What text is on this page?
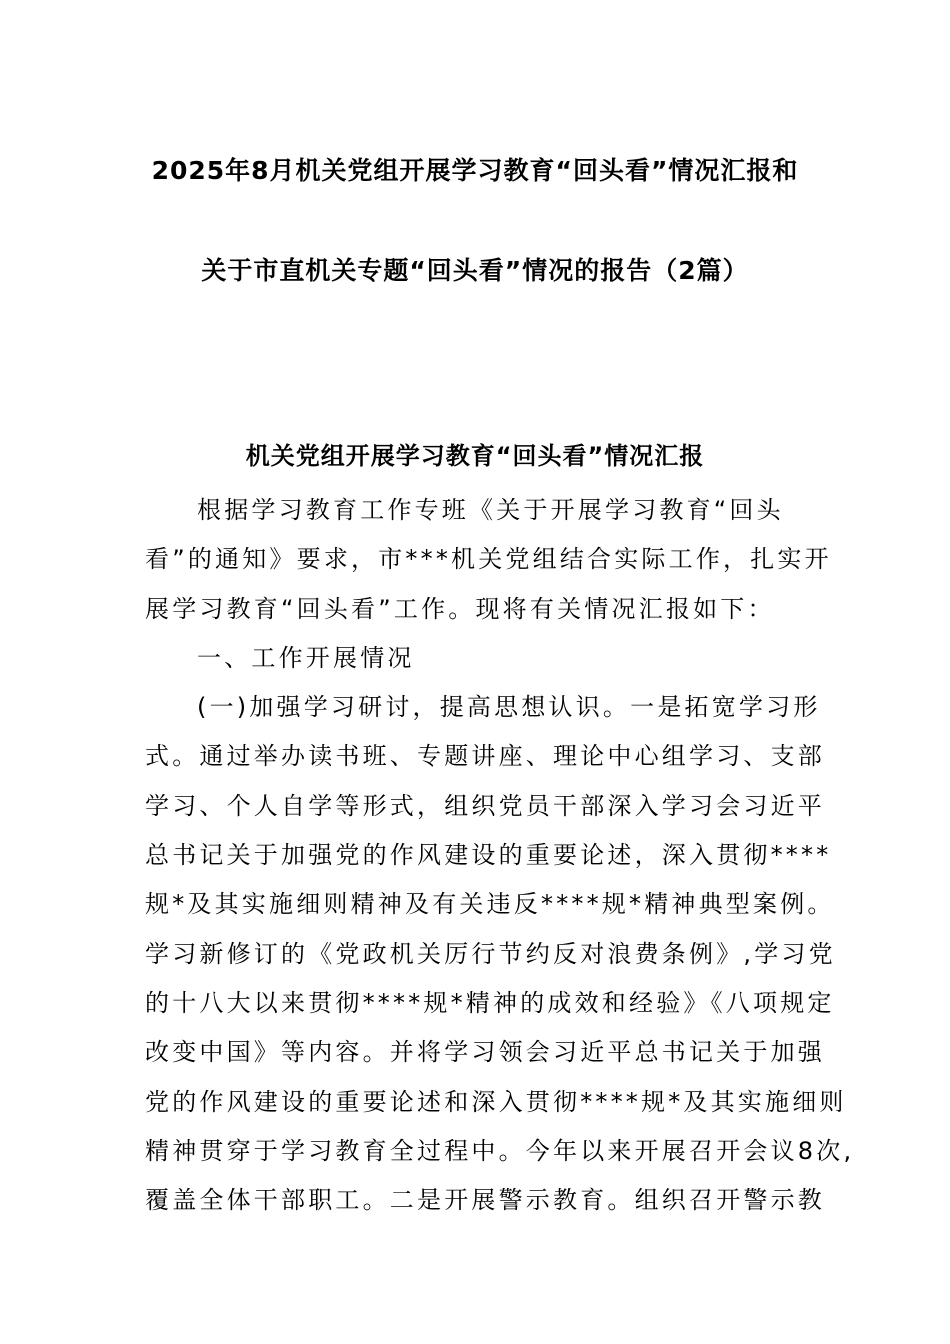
2025年8月机关党组开展学习教育“回头看”情况汇报和
关于市直机关专题“回头看”情况的报告（2篇）
机关党组开展学习教育“回头看”情况汇报
根据学习教育工作专班《关于开展学习教育“回头
看”的通知》要求，市***机关党组结合实际工作，扎实开
展学习教育“回头看”工作。现将有关情况汇报如下：
一、工作开展情况
(一)加强学习研讨，提高思想认识。一是拓宽学习形
式。通过举办读书班、专题讲座、理论中心组学习、支部
学习、个人自学等形式，组织党员干部深入学习会习近平
总书记关于加强党的作风建设的重要论述，深入贯彻****
规*及其实施细则精神及有关违反****规*精神典型案例。
学习新修订的《党政机关厉行节约反对浪费条例》,学习党
的十八大以来贯彻****规*精神的成效和经验》《八项规定
改变中国》等内容。并将学习领会习近平总书记关于加强
党的作风建设的重要论述和深入贯彻****规*及其实施细则
精神贯穿于学习教育全过程中。今年以来开展召开会议8次,
覆盖全体干部职工。二是开展警示教育。组织召开警示教
